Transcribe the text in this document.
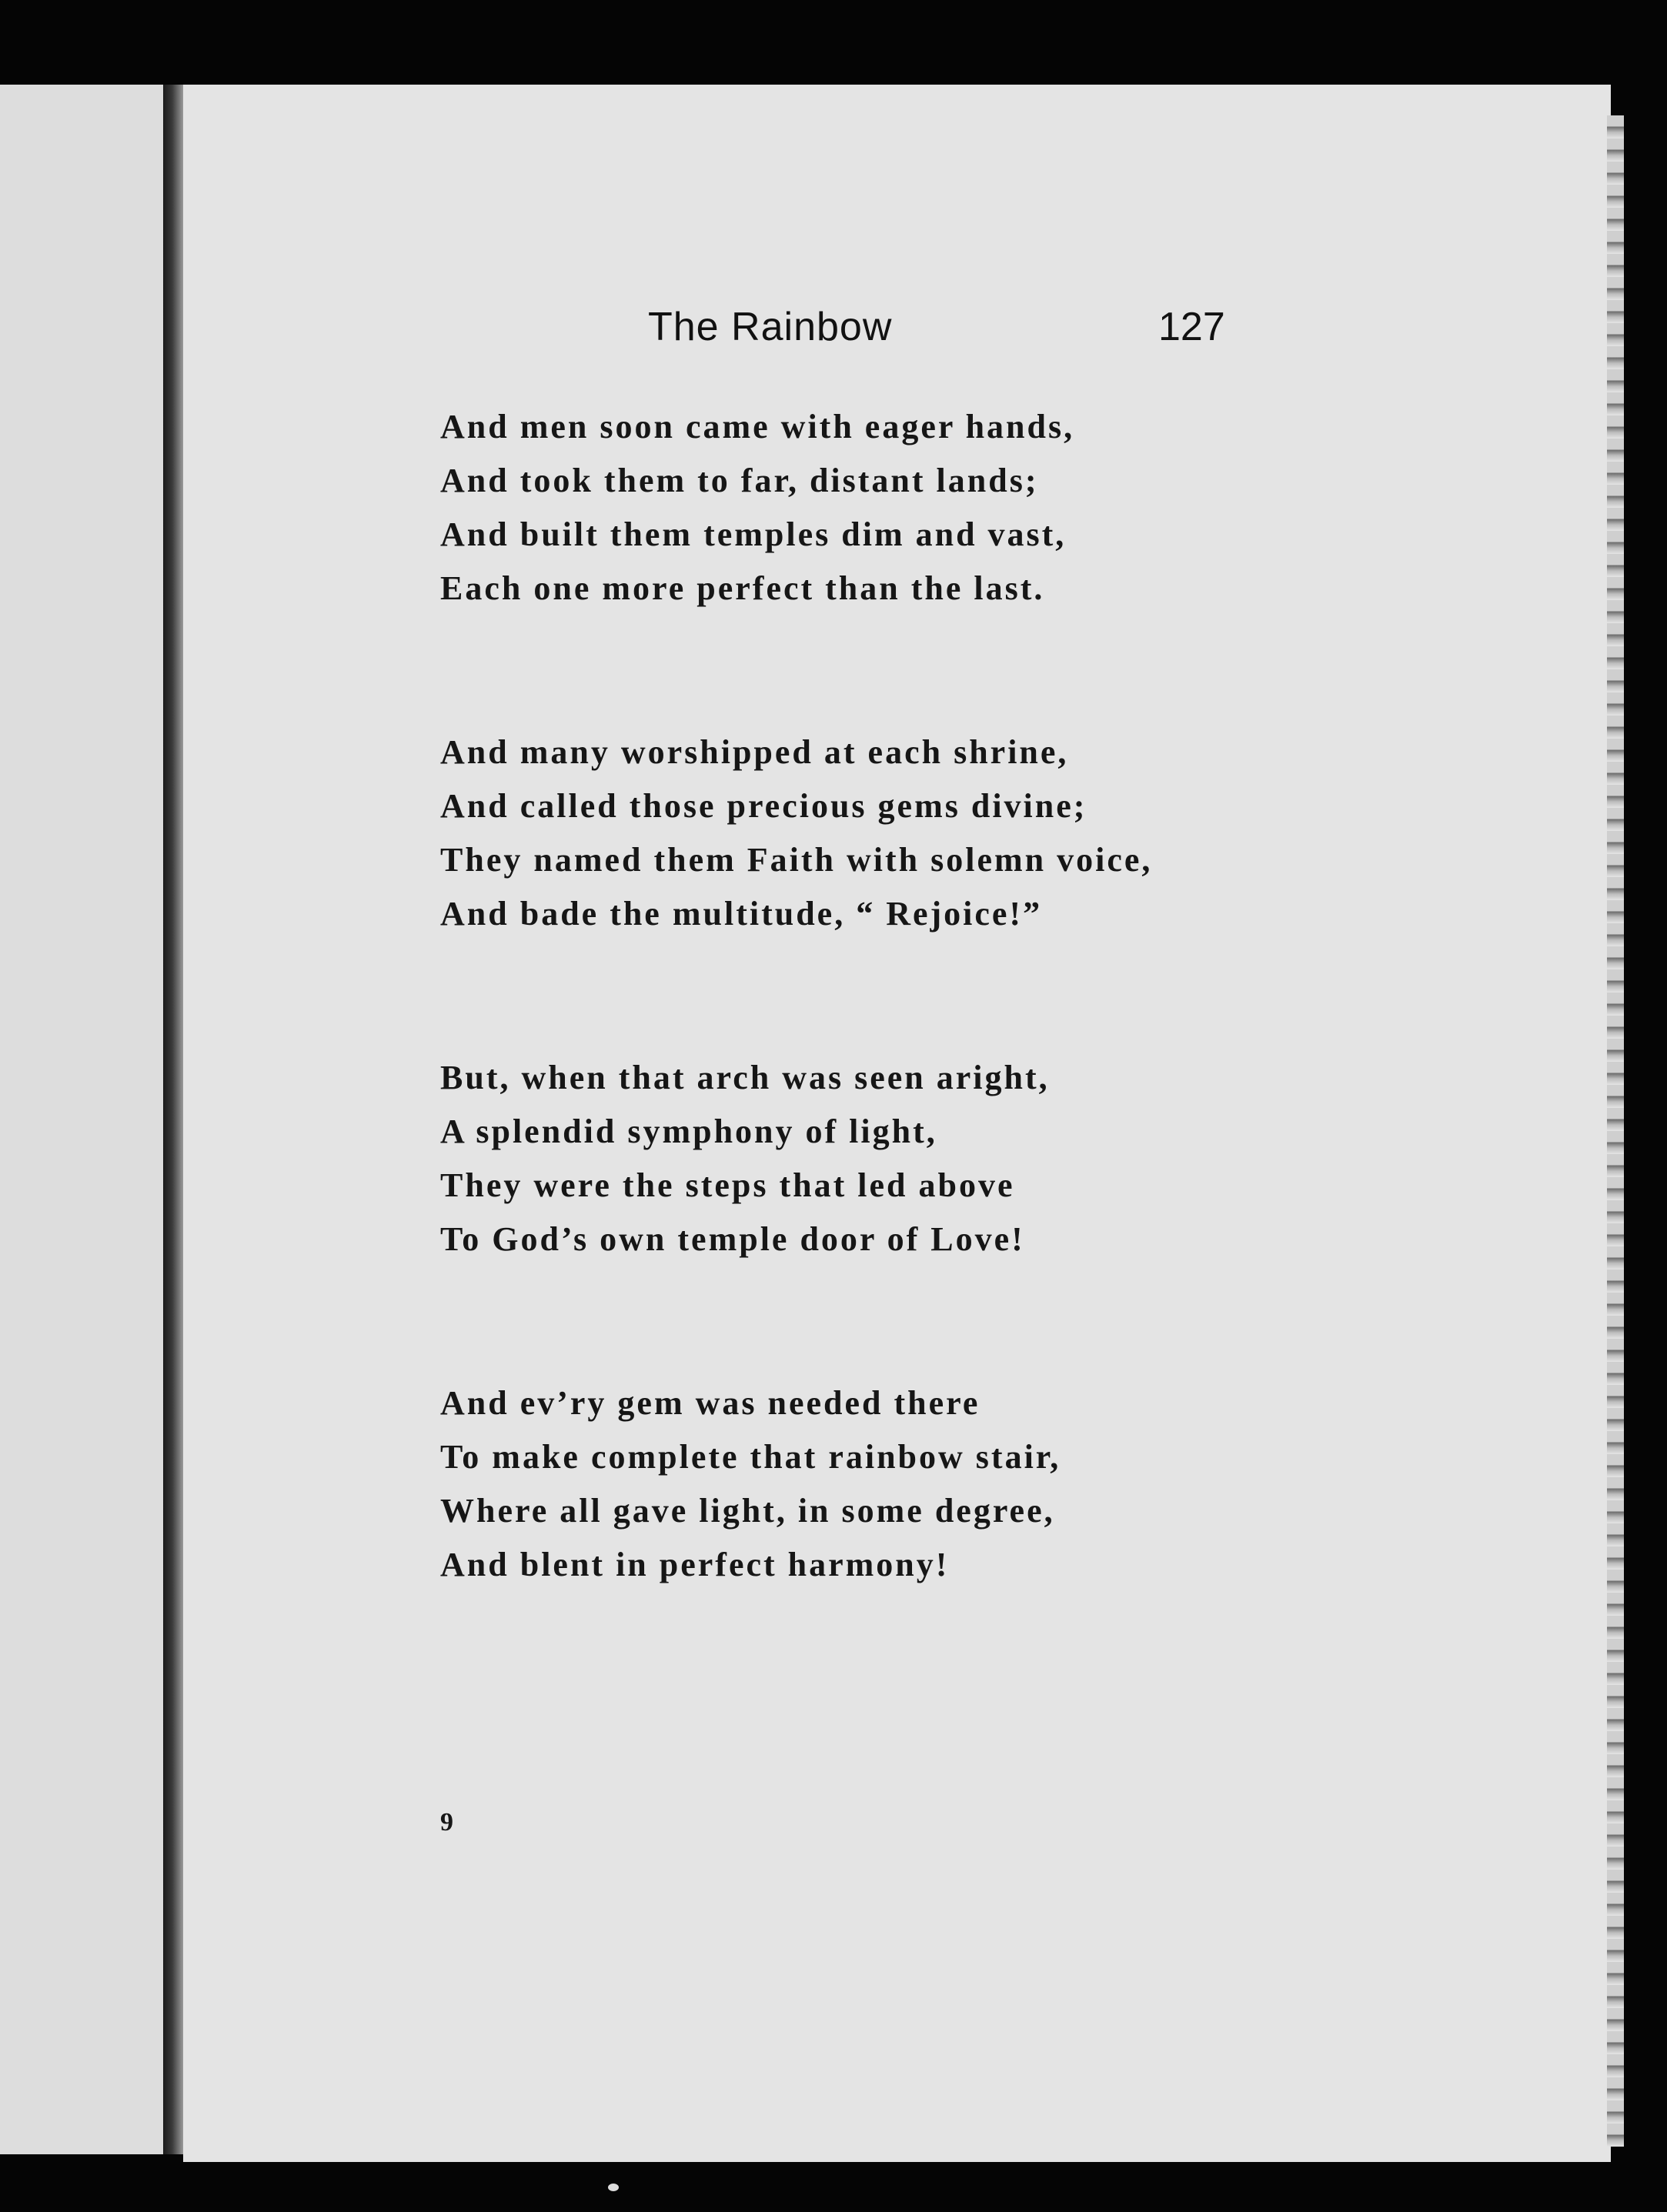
The Rainbow	127
And men soon came with eager hands,
And took them to far, distant lands;
And built them temples dim and vast,
Each one more perfect than the last.
And many worshipped at each shrine,
And called those precious gems divine;
They named them Faith with solemn voice,
And bade the multitude, “ Rejoice!”
But, when that arch was seen aright,
A splendid symphony of light,
They were the steps that led above
To God’s own temple door of Love!
And ev’ry gem was needed there
To make complete that rainbow stair,
Where all gave light, in some degree,
And blent in perfect harmony!
9
